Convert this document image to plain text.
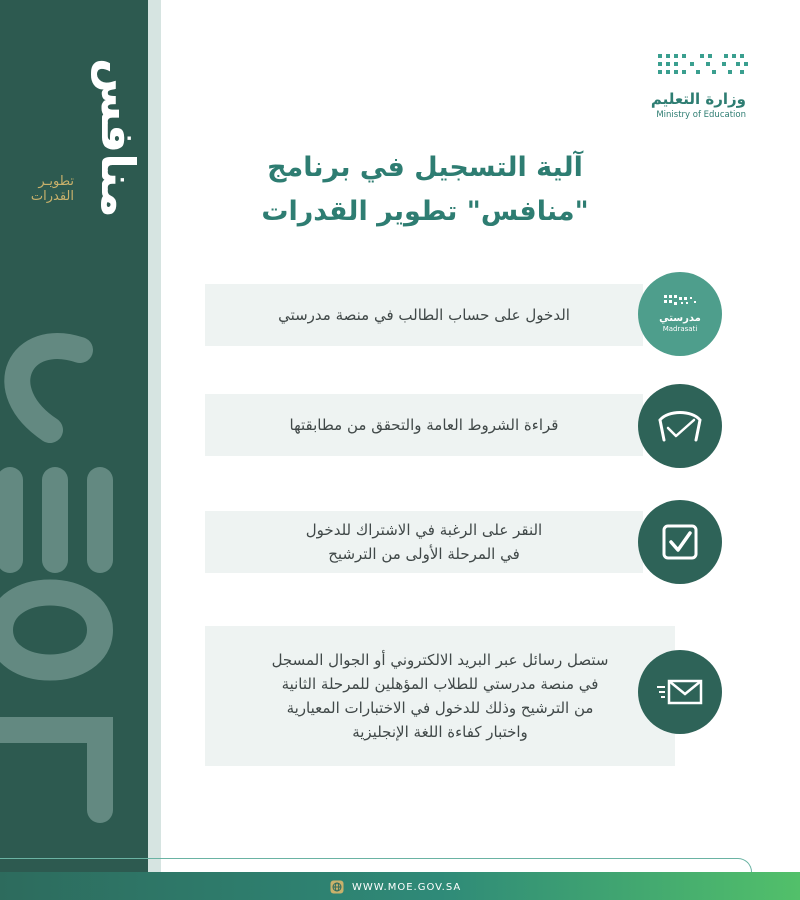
منافس
تطويـر
القدرات
وزارة التعليم
Ministry of Education
آلية التسجيل في برنامج
"منافس" تطوير القدرات
الدخول على حساب الطالب في منصة مدرستي	مدرستي
Madrasati
قراءة الشروط العامة والتحقق من مطابقتها
النقر على الرغبة في الاشتراك للدخول
في المرحلة الأولى من الترشيح
ستصل رسائل عبر البريد الالكتروني أو الجوال المسجل
في منصة مدرستي للطلاب المؤهلين للمرحلة الثانية
من الترشيح وذلك للدخول في الاختبارات المعيارية
واختبار كفاءة اللغة الإنجليزية
WWW.MOE.GOV.SA
